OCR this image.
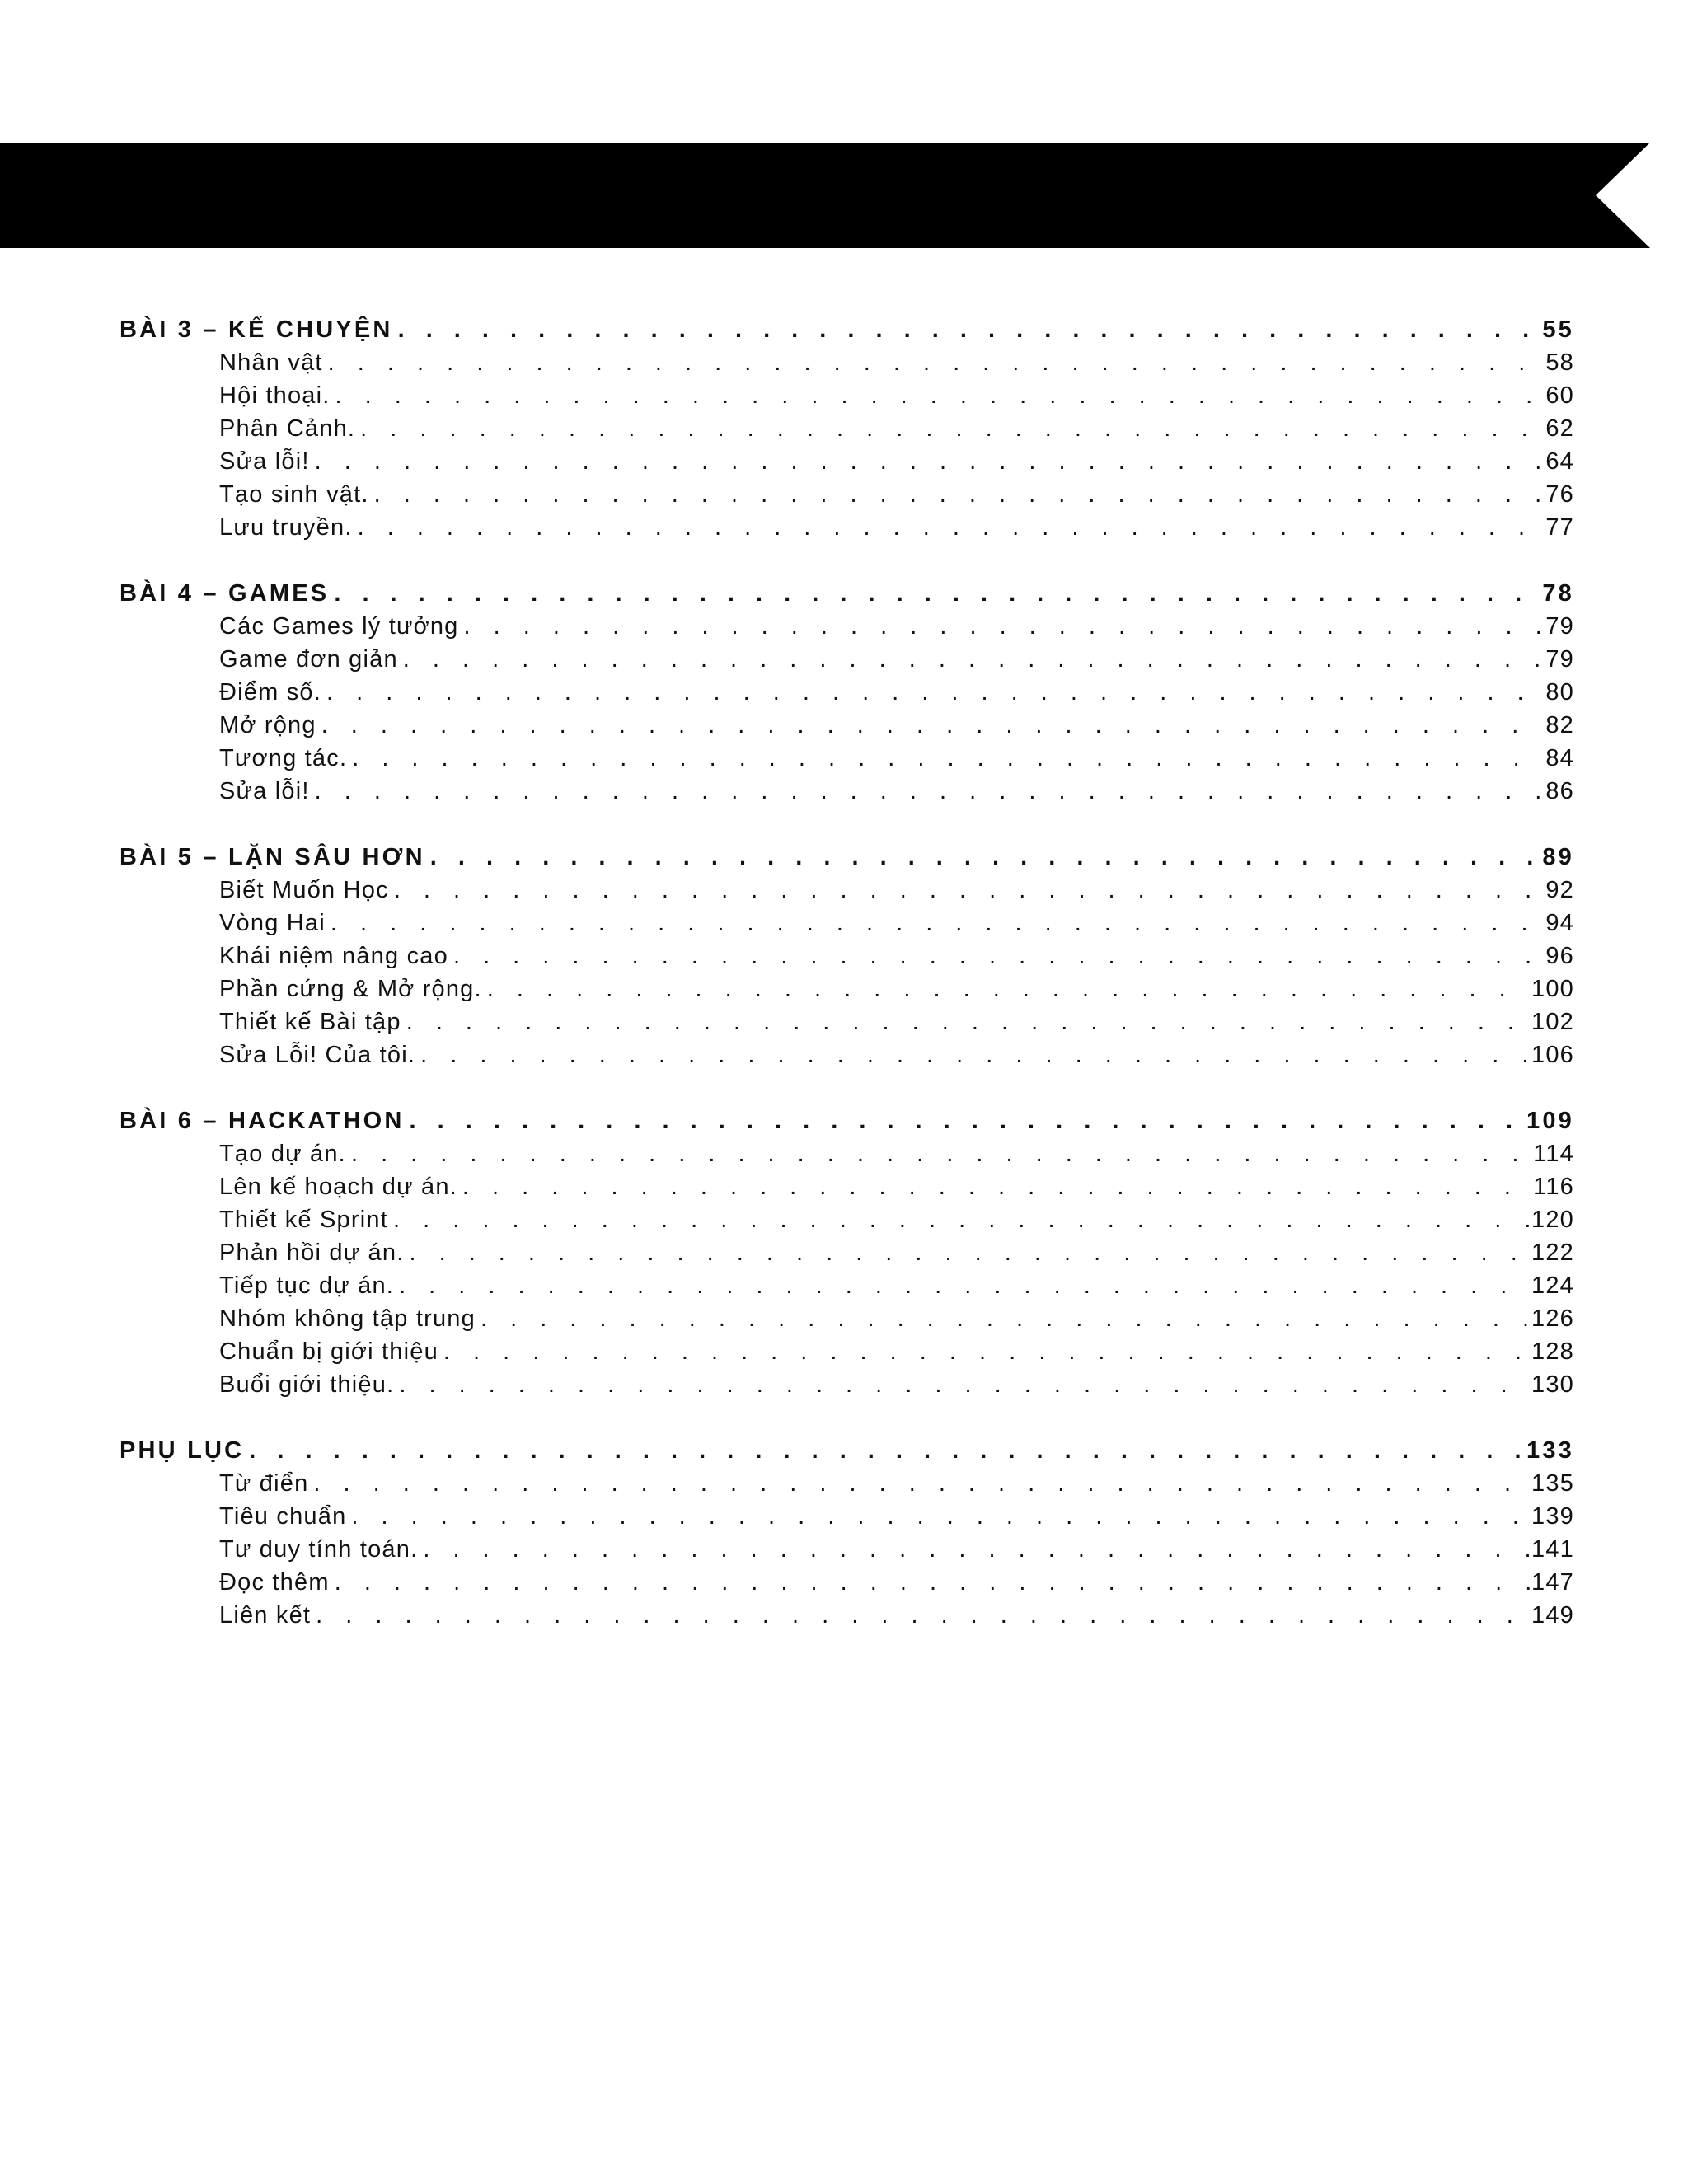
BÀI 3 – KỂ CHUYỆN . . .	55
Nhân vật . . .	58
Hội thoại. . . .	60
Phân Cảnh. . . .	62
Sửa lỗi! . . .	64
Tạo sinh vật. . . .	76
Lưu truyền. . . .	77
BÀI 4 – GAMES . . .	78
Các Games lý tưởng . . .	79
Game đơn giản . . .	79
Điểm số. . . .	80
Mở rộng . . .	82
Tương tác. . . .	84
Sửa lỗi! . . .	86
BÀI 5 – LẶN SÂU HƠN . . .	89
Biết Muốn Học . . .	92
Vòng Hai . . .	94
Khái niệm nâng cao . . .	96
Phần cứng & Mở rộng. . . .	100
Thiết kế Bài tập . . .	102
Sửa Lỗi! Của tôi. . . .	106
BÀI 6 – HACKATHON . . .	109
Tạo dự án. . . .	114
Lên kế hoạch dự án. . . .	116
Thiết kế Sprint . . .	120
Phản hồi dự án. . . .	122
Tiếp tục dự án. . . .	124
Nhóm không tập trung . . .	126
Chuẩn bị giới thiệu . . .	128
Buổi giới thiệu. . . .	130
PHỤ LỤC . . .	133
Từ điển . . .	135
Tiêu chuẩn . . .	139
Tư duy tính toán. . . .	141
Đọc thêm . . .	147
Liên kết . . .	149
